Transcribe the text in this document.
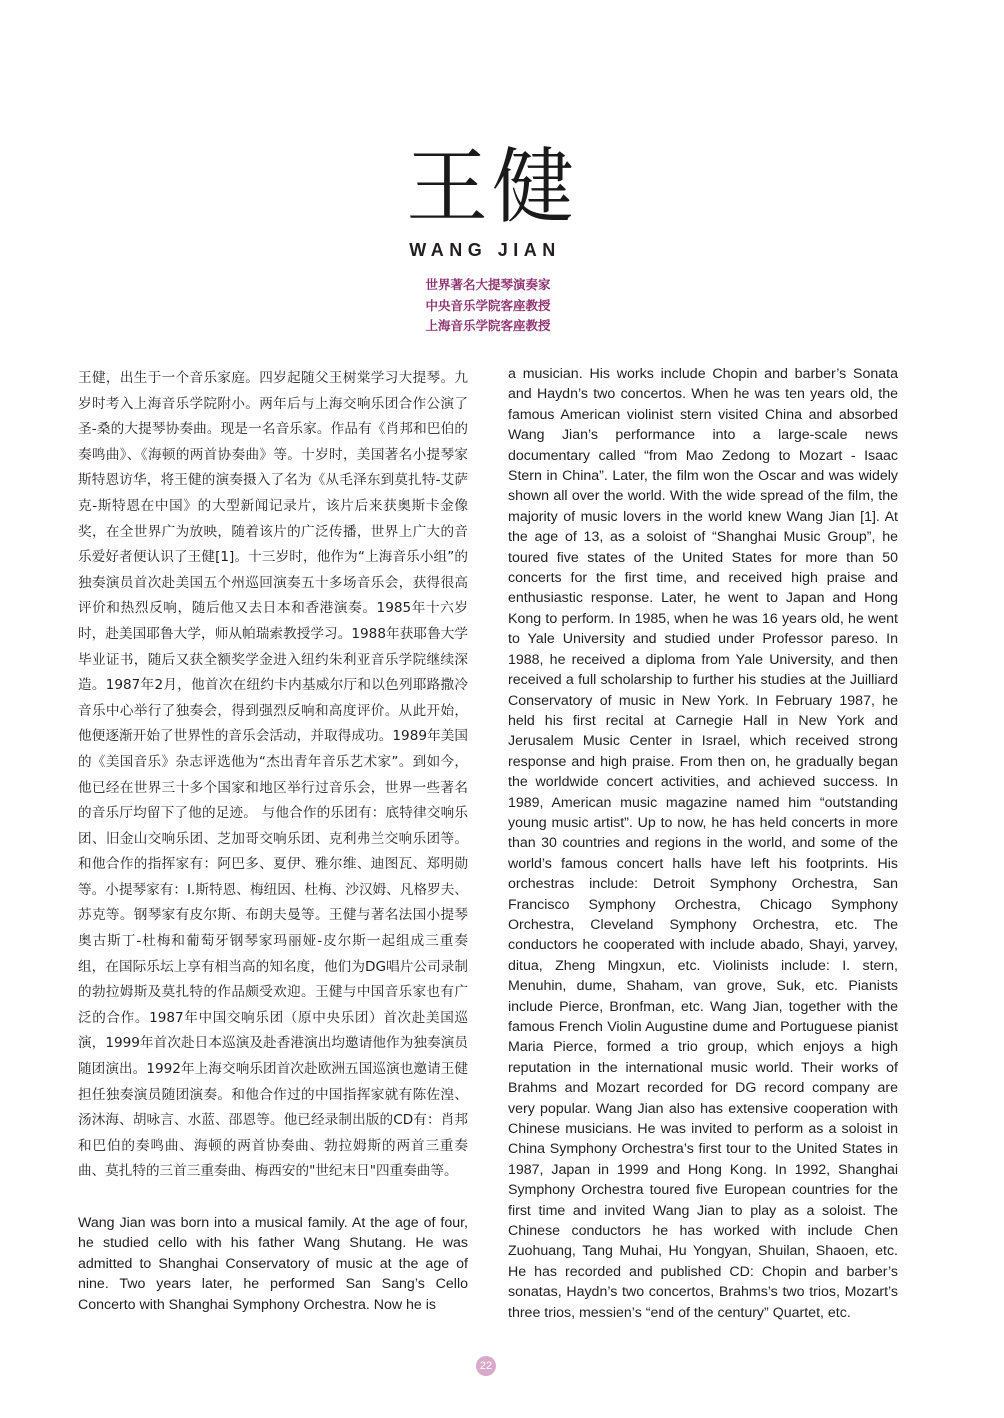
王健
WANG JIAN
世界著名大提琴演奏家
中央音乐学院客座教授
上海音乐学院客座教授

王健，出生于一个音乐家庭。四岁起随父王树棠学习大提琴。九岁时考入上海音乐学院附小。两年后与上海交响乐团合作公演了圣-桑的大提琴协奏曲。现是一名音乐家。作品有《肖邦和巴伯的奏鸣曲》、《海顿的两首协奏曲》等。十岁时，美国著名小提琴家斯特恩访华，将王健的演奏摄入了名为《从毛泽东到莫扎特-艾萨克-斯特恩在中国》的大型新闻记录片，该片后来获奥斯卡金像奖，在全世界广为放映，随着该片的广泛传播，世界上广大的音乐爱好者便认识了王健[1]。十三岁时，他作为“上海音乐小组”的独奏演员首次赴美国五个州巡回演奏五十多场音乐会，获得很高评价和热烈反响，随后他又去日本和香港演奏。1985年十六岁时，赴美国耶鲁大学，师从帕瑞索教授学习。1988年获耶鲁大学毕业证书，随后又获全额奖学金进入纽约朱利亚音乐学院继续深造。1987年2月，他首次在纽约卡内基威尔厅和以色列耶路撒冷音乐中心举行了独奏会，得到强烈反响和高度评价。从此开始，他便逐渐开始了世界性的音乐会活动，并取得成功。1989年美国的《美国音乐》杂志评选他为“杰出青年音乐艺术家”。到如今，他已经在世界三十多个国家和地区举行过音乐会，世界一些著名的音乐厅均留下了他的足迹。 与他合作的乐团有：底特律交响乐团、旧金山交响乐团、芝加哥交响乐团、克利弗兰交响乐团等。和他合作的指挥家有：阿巴多、夏伊、雅尔维、迪图瓦、郑明勋等。小提琴家有：I.斯特恩、梅纽因、杜梅、沙汉姆、凡格罗夫、苏克等。钢琴家有皮尔斯、布朗夫曼等。王健与著名法国小提琴奥古斯丁-杜梅和葡萄牙钢琴家玛丽娅-皮尔斯一起组成三重奏组，在国际乐坛上享有相当高的知名度，他们为DG唱片公司录制的勃拉姆斯及莫扎特的作品颇受欢迎。王健与中国音乐家也有广泛的合作。1987年中国交响乐团（原中央乐团）首次赴美国巡演，1999年首次赴日本巡演及赴香港演出均邀请他作为独奏演员随团演出。1992年上海交响乐团首次赴欧洲五国巡演也邀请王健担任独奏演员随团演奏。和他合作过的中国指挥家就有陈佐湟、汤沐海、胡咏言、水蓝、邵恩等。他已经录制出版的CD有：肖邦和巴伯的奏鸣曲、海顿的两首协奏曲、勃拉姆斯的两首三重奏曲、莫扎特的三首三重奏曲、梅西安的"世纪末日"四重奏曲等。

Wang Jian was born into a musical family. At the age of four, he studied cello with his father Wang Shutang. He was admitted to Shanghai Conservatory of music at the age of nine. Two years later, he performed San Sang’s Cello Concerto with Shanghai Symphony Orchestra. Now he is

a musician. His works include Chopin and barber’s Sonata and Haydn’s two concertos. When he was ten years old, the famous American violinist stern visited China and absorbed Wang Jian’s performance into a large-scale news documentary called “from Mao Zedong to Mozart - Isaac Stern in China”. Later, the film won the Oscar and was widely shown all over the world. With the wide spread of the film, the majority of music lovers in the world knew Wang Jian [1]. At the age of 13, as a soloist of “Shanghai Music Group”, he toured five states of the United States for more than 50 concerts for the first time, and received high praise and enthusiastic response. Later, he went to Japan and Hong Kong to perform. In 1985, when he was 16 years old, he went to Yale University and studied under Professor pareso. In 1988, he received a diploma from Yale University, and then received a full scholarship to further his studies at the Juilliard Conservatory of music in New York. In February 1987, he held his first recital at Carnegie Hall in New York and Jerusalem Music Center in Israel, which received strong response and high praise. From then on, he gradually began the worldwide concert activities, and achieved success. In 1989, American music magazine named him “outstanding young music artist”. Up to now, he has held concerts in more than 30 countries and regions in the world, and some of the world’s famous concert halls have left his footprints. His orchestras include: Detroit Symphony Orchestra, San Francisco Symphony Orchestra, Chicago Symphony Orchestra, Cleveland Symphony Orchestra, etc. The conductors he cooperated with include abado, Shayi, yarvey, ditua, Zheng Mingxun, etc. Violinists include: I. stern, Menuhin, dume, Shaham, van grove, Suk, etc. Pianists include Pierce, Bronfman, etc. Wang Jian, together with the famous French Violin Augustine dume and Portuguese pianist Maria Pierce, formed a trio group, which enjoys a high reputation in the international music world. Their works of Brahms and Mozart recorded for DG record company are very popular. Wang Jian also has extensive cooperation with Chinese musicians. He was invited to perform as a soloist in China Symphony Orchestra’s first tour to the United States in 1987, Japan in 1999 and Hong Kong. In 1992, Shanghai Symphony Orchestra toured five European countries for the first time and invited Wang Jian to play as a soloist. The Chinese conductors he has worked with include Chen Zuohuang, Tang Muhai, Hu Yongyan, Shuilan, Shaoen, etc. He has recorded and published CD: Chopin and barber’s sonatas, Haydn’s two concertos, Brahms’s two trios, Mozart’s three trios, messien’s “end of the century” Quartet, etc.

22
